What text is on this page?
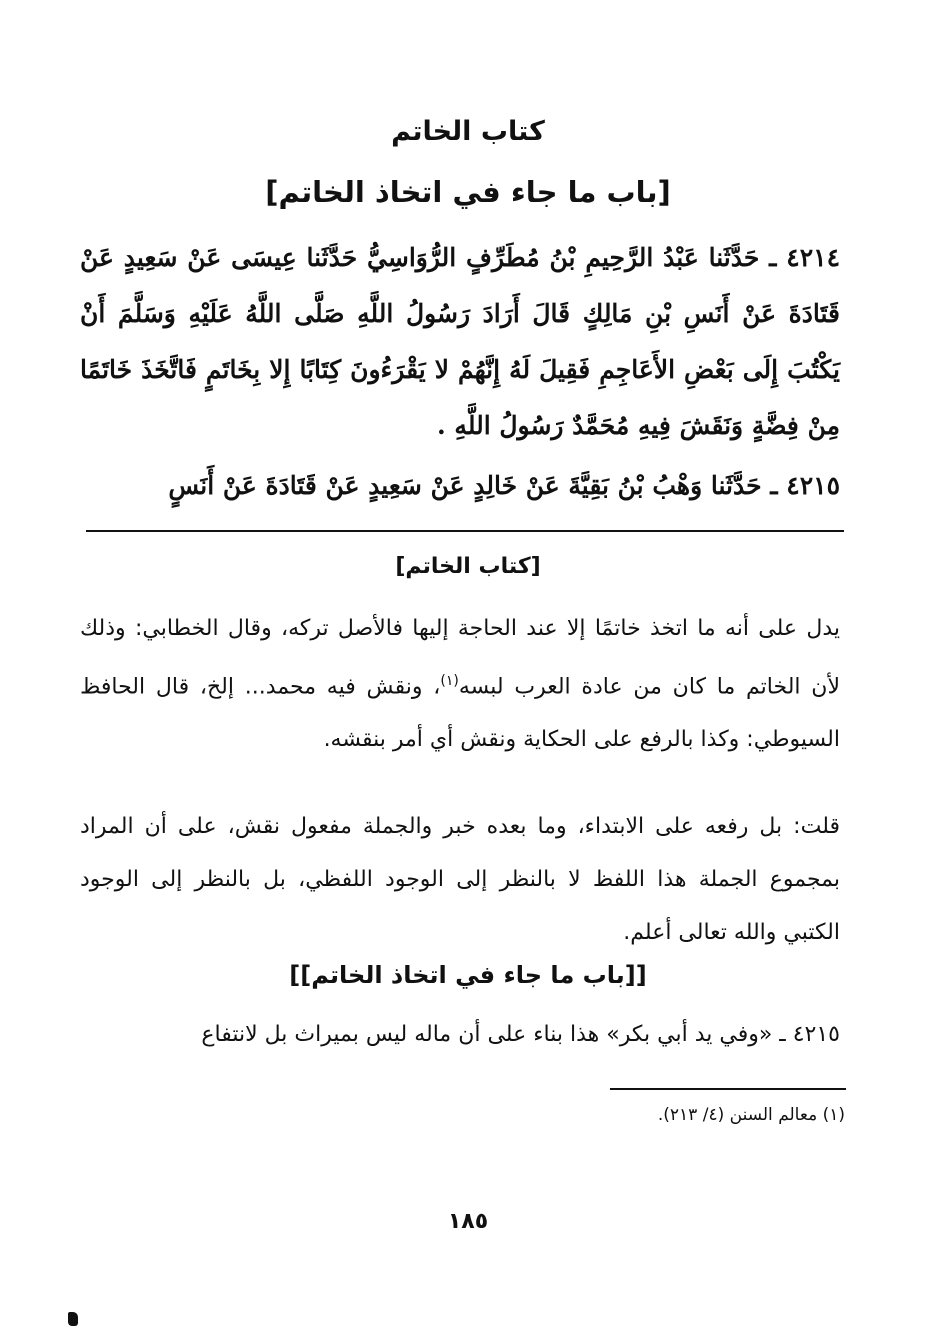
كتاب الخاتم
[باب ما جاء في اتخاذ الخاتم]
٤٢١٤ ـ حَدَّثَنا عَبْدُ الرَّحِيمِ بْنُ مُطَرِّفٍ الرُّوَاسِيُّ حَدَّثَنا عِيسَى عَنْ سَعِيدٍ عَنْ قَتَادَةَ عَنْ أَنَسِ بْنِ مَالِكٍ قَالَ أَرَادَ رَسُولُ اللَّهِ صَلَّى اللَّهُ عَلَيْهِ وَسَلَّمَ أَنْ يَكْتُبَ إِلَى بَعْضِ الأَعَاجِمِ فَقِيلَ لَهُ إِنَّهُمْ لا يَقْرَءُونَ كِتَابًا إِلا بِخَاتَمٍ فَاتَّخَذَ خَاتَمًا مِنْ فِضَّةٍ وَنَقَشَ فِيهِ مُحَمَّدٌ رَسُولُ اللَّهِ .
٤٢١٥ ـ حَدَّثَنا وَهْبُ بْنُ بَقِيَّةَ عَنْ خَالِدٍ عَنْ سَعِيدٍ عَنْ قَتَادَةَ عَنْ أَنَسٍ
[كتاب الخاتم]
يدل على أنه ما اتخذ خاتمًا إلا عند الحاجة إليها فالأصل تركه، وقال الخطابي: وذلك لأن الخاتم ما كان من عادة العرب لبسه$^{(١)}$، ونقش فيه محمد... إلخ، قال الحافظ السيوطي: وكذا بالرفع على الحكاية ونقش أي أمر بنقشه.
قلت: بل رفعه على الابتداء، وما بعده خبر والجملة مفعول نقش، على أن المراد بمجموع الجملة هذا اللفظ لا بالنظر إلى الوجود اللفظي، بل بالنظر إلى الوجود الكتبي والله تعالى أعلم.
[[باب ما جاء في اتخاذ الخاتم]]
٤٢١٥ ـ «وفي يد أبي بكر» هذا بناء على أن ماله ليس بميراث بل لانتفاع
(١) معالم السنن (٤/ ٢١٣).
١٨٥
